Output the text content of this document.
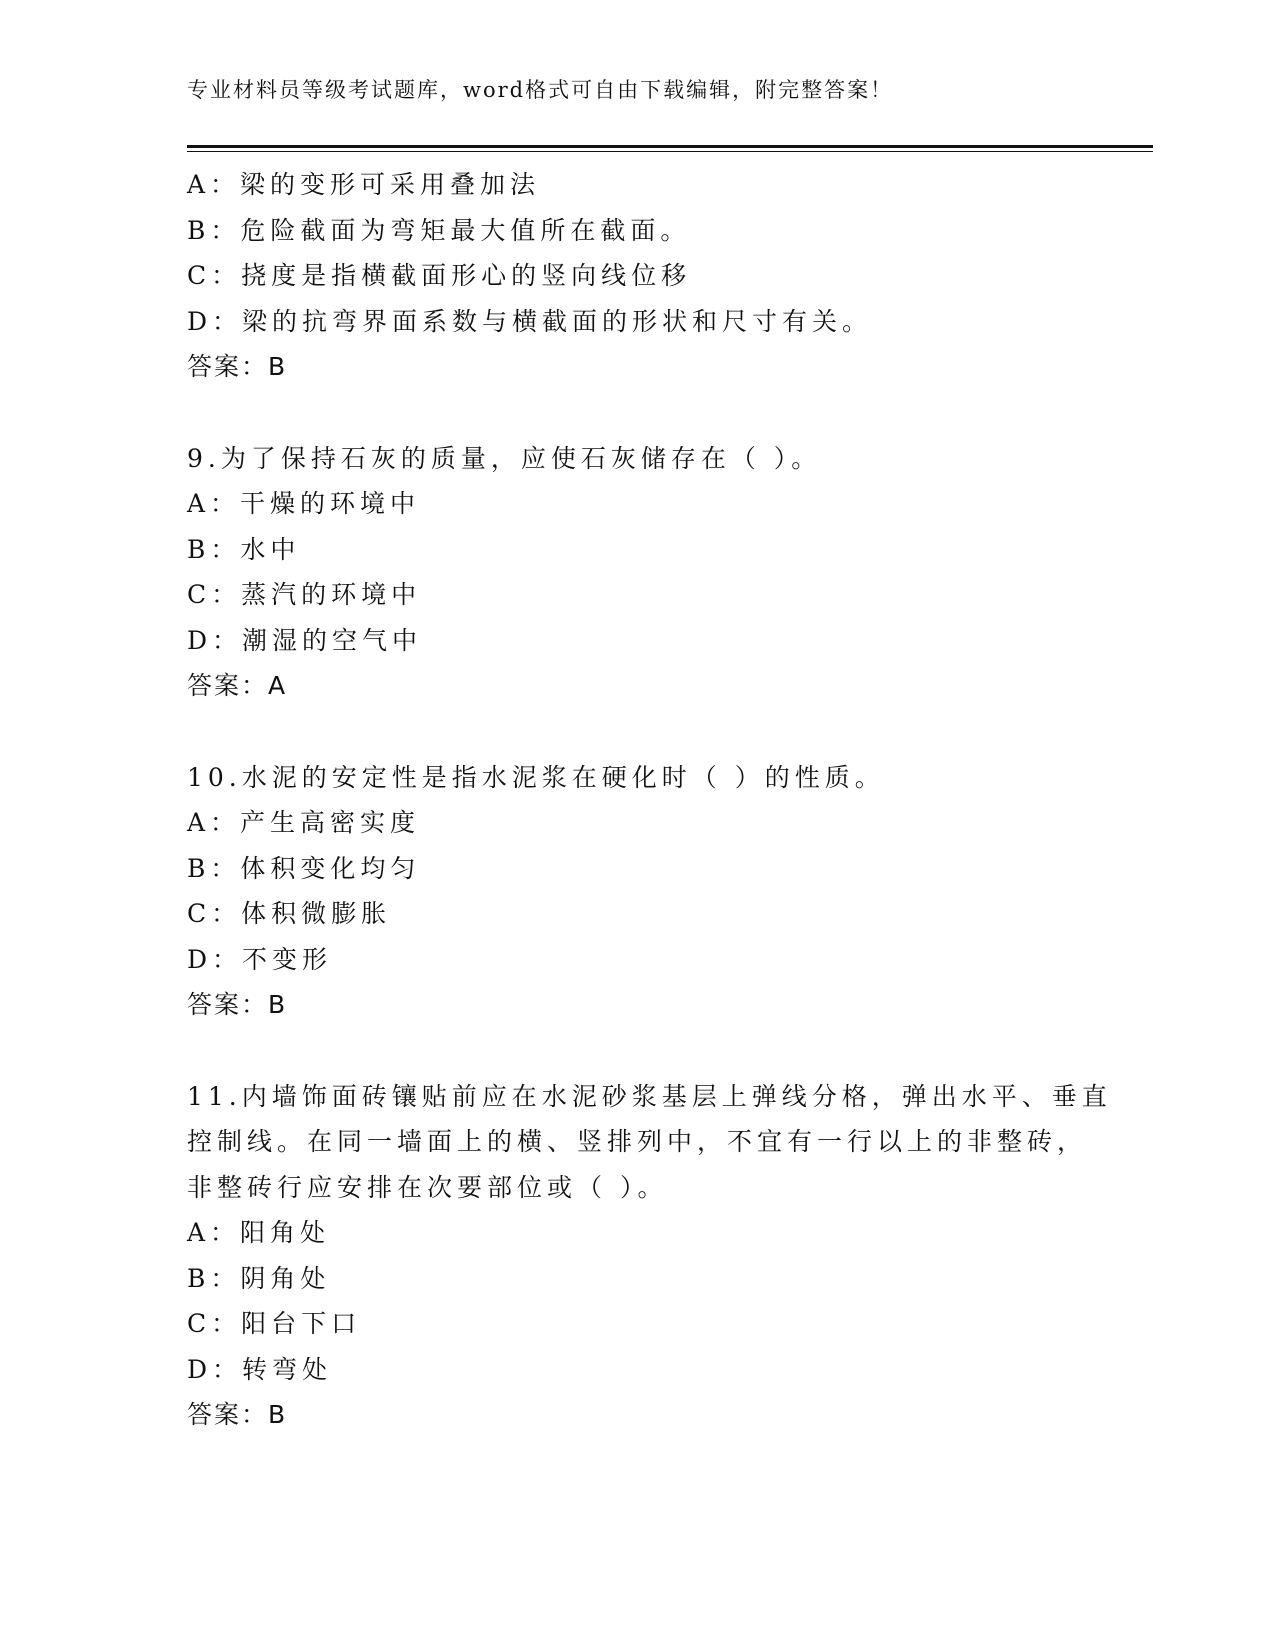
专业材料员等级考试题库，word格式可自由下载编辑，附完整答案！
A：梁的变形可采用叠加法
B：危险截面为弯矩最大值所在截面。
C：挠度是指横截面形心的竖向线位移
D：梁的抗弯界面系数与横截面的形状和尺寸有关。
答案：B
9.为了保持石灰的质量，应使石灰储存在（ ）。
A：干燥的环境中
B：水中
C：蒸汽的环境中
D：潮湿的空气中
答案：A
10.水泥的安定性是指水泥浆在硬化时（ ）的性质。
A：产生高密实度
B：体积变化均匀
C：体积微膨胀
D：不变形
答案：B
11.内墙饰面砖镶贴前应在水泥砂浆基层上弹线分格，弹出水平、垂直
控制线。在同一墙面上的横、竖排列中，不宜有一行以上的非整砖，
非整砖行应安排在次要部位或（ ）。
A：阳角处
B：阴角处
C：阳台下口
D：转弯处
答案：B
